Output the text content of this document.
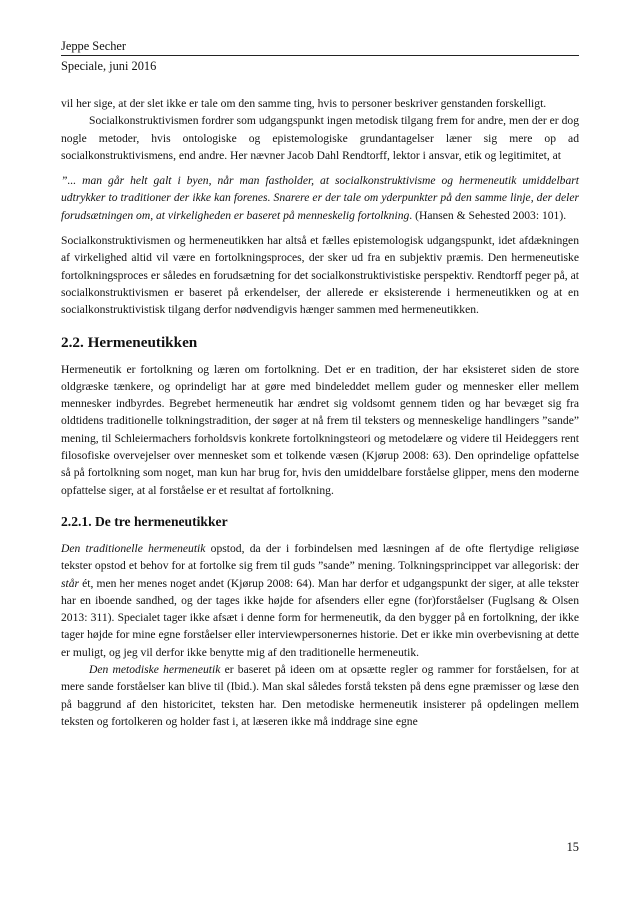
Jeppe Secher
Speciale, juni 2016

vil her sige, at der slet ikke er tale om den samme ting, hvis to personer beskriver genstanden forskelligt.

Socialkonstruktivismen fordrer som udgangspunkt ingen metodisk tilgang frem for andre, men der er dog nogle metoder, hvis ontologiske og epistemologiske grundantagelser læner sig mere op ad socialkonstruktivismens, end andre. Her nævner Jacob Dahl Rendtorff, lektor i ansvar, etik og legitimitet, at

”... man går helt galt i byen, når man fastholder, at socialkonstruktivisme og hermeneutik umiddelbart udtrykker to traditioner der ikke kan forenes. Snarere er der tale om yderpunkter på den samme linje, der deler forudsætningen om, at virkeligheden er baseret på menneskelig fortolkning. (Hansen & Sehested 2003: 101).

Socialkonstruktivismen og hermeneutikken har altså et fælles epistemologisk udgangspunkt, idet afdækningen af virkelighed altid vil være en fortolkningsproces, der sker ud fra en subjektiv præmis. Den hermeneutiske fortolkningsproces er således en forudsætning for det socialkonstruktivistiske perspektiv. Rendtorff peger på, at socialkonstruktivismen er baseret på erkendelser, der allerede er eksisterende i hermeneutikken og at en socialkonstruktivistisk tilgang derfor nødvendigvis hænger sammen med hermeneutikken.

2.2. Hermeneutikken

Hermeneutik er fortolkning og læren om fortolkning. Det er en tradition, der har eksisteret siden de store oldgræske tænkere, og oprindeligt har at gøre med bindeleddet mellem guder og mennesker eller mellem mennesker indbyrdes. Begrebet hermeneutik har ændret sig voldsomt gennem tiden og har bevæget sig fra oldtidens traditionelle tolkningstradition, der søger at nå frem til teksters og menneskelige handlingers ”sande” mening, til Schleiermachers forholdsvis konkrete fortolkningsteori og metodelære og videre til Heideggers rent filosofiske overvejelser over mennesket som et tolkende væsen (Kjørup 2008: 63). Den oprindelige opfattelse så på fortolkning som noget, man kun har brug for, hvis den umiddelbare forståelse glipper, mens den moderne opfattelse siger, at al forståelse er et resultat af fortolkning.

2.2.1. De tre hermeneutikker

Den traditionelle hermeneutik opstod, da der i forbindelsen med læsningen af de ofte flertydige religiøse tekster opstod et behov for at fortolke sig frem til guds ”sande” mening. Tolkningsprincippet var allegorisk: der står ét, men her menes noget andet (Kjørup 2008: 64). Man har derfor et udgangspunkt der siger, at alle tekster har en iboende sandhed, og der tages ikke højde for afsenders eller egne (for)forståelser (Fuglsang & Olsen 2013: 311). Specialet tager ikke afsæt i denne form for hermeneutik, da den bygger på en fortolkning, der ikke tager højde for mine egne forståelser eller interviewpersonernes historie. Det er ikke min overbevisning at dette er muligt, og jeg vil derfor ikke benytte mig af den traditionelle hermeneutik.

Den metodiske hermeneutik er baseret på ideen om at opsætte regler og rammer for forståelsen, for at mere sande forståelser kan blive til (Ibid.). Man skal således forstå teksten på dens egne præmisser og læse den på baggrund af den historicitet, teksten har. Den metodiske hermeneutik insisterer på opdelingen mellem teksten og fortolkeren og holder fast i, at læseren ikke må inddrage sine egne

15
